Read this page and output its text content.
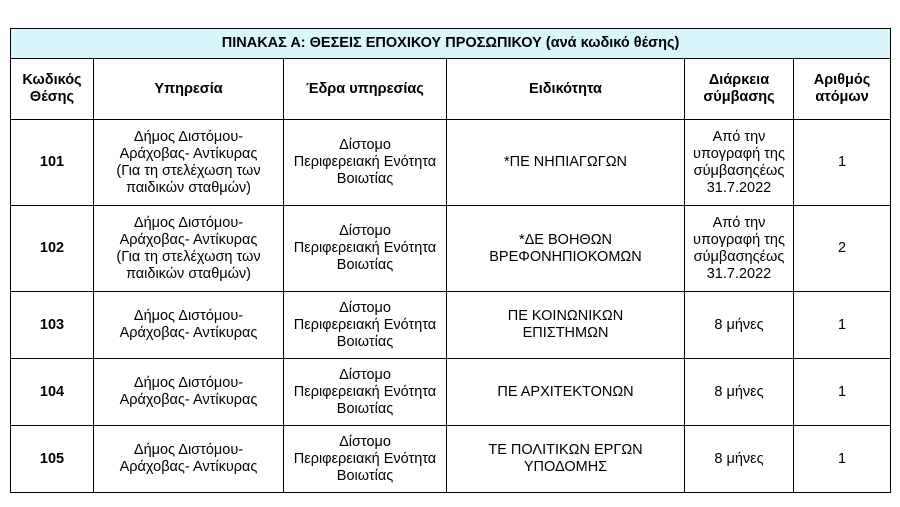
ΠΙΝΑΚΑΣ Α: ΘΕΣΕΙΣ ΕΠΟΧΙΚΟΥ ΠΡΟΣΩΠΙΚΟΥ (ανά κωδικό θέσης)					

Κωδικός
Θέσης	Υπηρεσία	Έδρα υπηρεσίας	Ειδικότητα	Διάρκεια
σύμβασης	Αριθμός
ατόμων

101	Δήμος Διστόμου-
Αράχοβας- Αντίκυρας
(Για τη στελέχωση των
παιδικών σταθμών)	Δίστομο
Περιφερειακή Ενότητα
Βοιωτίας	*ΠΕ ΝΗΠΙΑΓΩΓΩΝ	Από την
υπογραφή της
σύμβασηςέως
31.7.2022	1
102	Δήμος Διστόμου-
Αράχοβας- Αντίκυρας
(Για τη στελέχωση των
παιδικών σταθμών)	Δίστομο
Περιφερειακή Ενότητα
Βοιωτίας	*ΔΕ ΒΟΗΘΩΝ
ΒΡΕΦΟΝΗΠΙΟΚΟΜΩΝ	Από την
υπογραφή της
σύμβασηςέως
31.7.2022	2
103	Δήμος Διστόμου-
Αράχοβας- Αντίκυρας	Δίστομο
Περιφερειακή Ενότητα
Βοιωτίας	ΠΕ ΚΟΙΝΩΝΙΚΩΝ
ΕΠΙΣΤΗΜΩΝ	8 μήνες	1
104	Δήμος Διστόμου-
Αράχοβας- Αντίκυρας	Δίστομο
Περιφερειακή Ενότητα
Βοιωτίας	ΠΕ ΑΡΧΙΤΕΚΤΟΝΩΝ	8 μήνες	1
105	Δήμος Διστόμου-
Αράχοβας- Αντίκυρας	Δίστομο
Περιφερειακή Ενότητα
Βοιωτίας	ΤΕ ΠΟΛΙΤΙΚΩΝ ΕΡΓΩΝ
ΥΠΟΔΟΜΗΣ	8 μήνες	1
